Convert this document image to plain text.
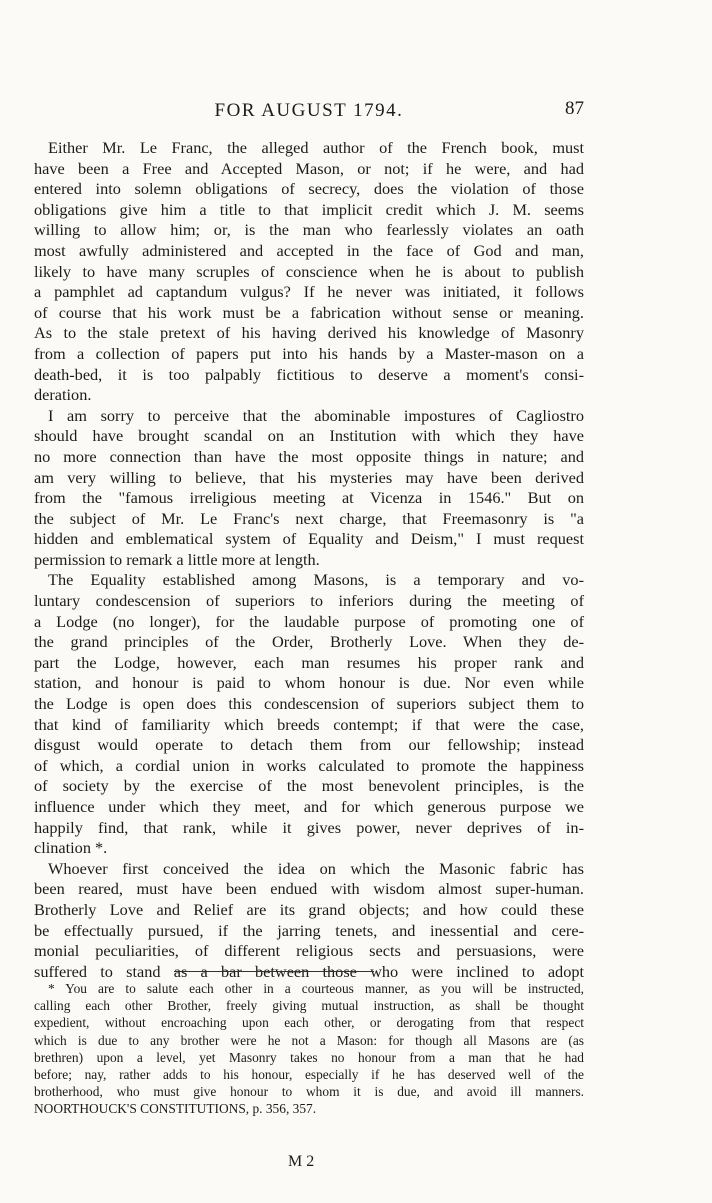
FOR AUGUST 1794.	87
Either Mr. Le Franc, the alleged author of the French book, must
have been a Free and Accepted Mason, or not; if he were, and had
entered into solemn obligations of secrecy, does the violation of those
obligations give him a title to that implicit credit which J. M. seems
willing to allow him; or, is the man who fearlessly violates an oath
most awfully administered and accepted in the face of God and man,
likely to have many scruples of conscience when he is about to publish
a pamphlet ad captandum vulgus? If he never was initiated, it follows
of course that his work must be a fabrication without sense or meaning.
As to the stale pretext of his having derived his knowledge of Masonry
from a collection of papers put into his hands by a Master-mason on a
death-bed, it is too palpably fictitious to deserve a moment's consi-
deration.
I am sorry to perceive that the abominable impostures of Cagliostro
should have brought scandal on an Institution with which they have
no more connection than have the most opposite things in nature; and
am very willing to believe, that his mysteries may have been derived
from the "famous irreligious meeting at Vicenza in 1546." But on
the subject of Mr. Le Franc's next charge, that Freemasonry is "a
hidden and emblematical system of Equality and Deism," I must request
permission to remark a little more at length.
The Equality established among Masons, is a temporary and vo-
luntary condescension of superiors to inferiors during the meeting of
a Lodge (no longer), for the laudable purpose of promoting one of
the grand principles of the Order, Brotherly Love. When they de-
part the Lodge, however, each man resumes his proper rank and
station, and honour is paid to whom honour is due. Nor even while
the Lodge is open does this condescension of superiors subject them to
that kind of familiarity which breeds contempt; if that were the case,
disgust would operate to detach them from our fellowship; instead
of which, a cordial union in works calculated to promote the happiness
of society by the exercise of the most benevolent principles, is the
influence under which they meet, and for which generous purpose we
happily find, that rank, while it gives power, never deprives of in-
clination *.
Whoever first conceived the idea on which the Masonic fabric has
been reared, must have been endued with wisdom almost super-human.
Brotherly Love and Relief are its grand objects; and how could these
be effectually pursued, if the jarring tenets, and inessential and cere-
monial peculiarities, of different religious sects and persuasions, were
suffered to stand as a bar between those who were inclined to adopt
* You are to salute each other in a courteous manner, as you will be instructed,
calling each other Brother, freely giving mutual instruction, as shall be thought
expedient, without encroaching upon each other, or derogating from that respect
which is due to any brother were he not a Mason: for though all Masons are (as
brethren) upon a level, yet Masonry takes no honour from a man that he had
before; nay, rather adds to his honour, especially if he has deserved well of the
brotherhood, who must give honour to whom it is due, and avoid ill manners.
NOORTHOUCK'S CONSTITUTIONS, p. 356, 357.
M 2
